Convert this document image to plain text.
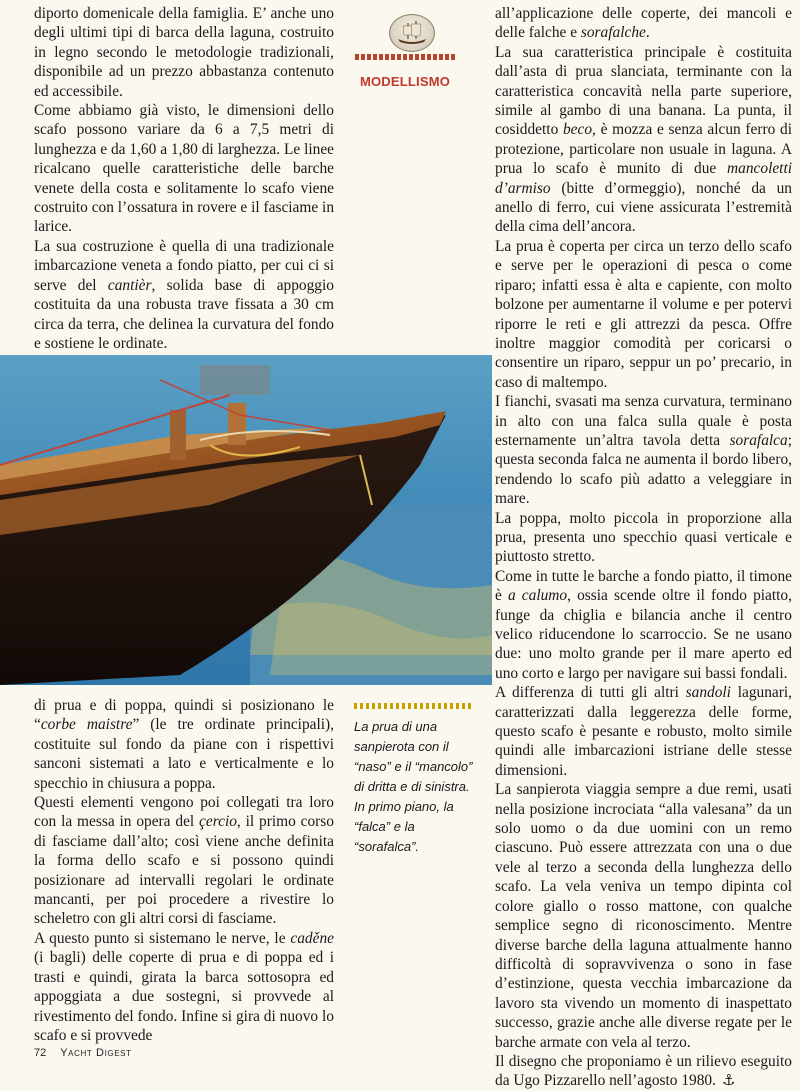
MODELLISMO

diporto domenicale della famiglia. E’ anche uno degli ultimi tipi di barca della laguna, costruito in legno secondo le metodologie tradizionali, disponibile ad un prezzo abbastanza contenuto ed accessibile.

Come abbiamo già visto, le dimensioni dello scafo possono variare da 6 a 7,5 metri di lunghezza e da 1,60 a 1,80 di larghezza. Le linee ricalcano quelle caratteristiche delle barche venete della costa e solitamente lo scafo viene costruito con l’ossatura in rovere e il fasciame in larice.

La sua costruzione è quella di una tradizionale imbarcazione veneta a fondo piatto, per cui ci si serve del cantièr, solida base di appoggio costituita da una robusta trave fissata a 30 cm circa da terra, che delinea la curvatura del fondo e sostiene le ordinate.

La prua di una sanpierota con il “naso” e il “mancolo” di dritta e di sinistra. In primo piano, la “falca” e la “sorafalca”.

di prua e di poppa, quindi si posizionano le “corbe maistre” (le tre ordinate principali), costituite sul fondo da piane con i rispettivi sanconi sistemati a lato e verticalmente e lo specchio in chiusura a poppa.

Questi elementi vengono poi collegati tra loro con la messa in opera del çercio, il primo corso di fasciame dall’alto; così viene anche definita la forma dello scafo e si possono quindi posizionare ad intervalli regolari le ordinate mancanti, per poi procedere a rivestire lo scheletro con gli altri corsi di fasciame.

A questo punto si sistemano le nerve, le caděne (i bagli) delle coperte di prua e di poppa ed i trasti e quindi, girata la barca sottosopra ed appoggiata a due sostegni, si provvede al rivestimento del fondo. Infine si gira di nuovo lo scafo e si provvede

all’applicazione delle coperte, dei mancoli e delle falche e sorafalche.

La sua caratteristica principale è costituita dall’asta di prua slanciata, terminante con la caratteristica concavità nella parte superiore, simile al gambo di una banana. La punta, il cosiddetto beco, è mozza e senza alcun ferro di protezione, particolare non usuale in laguna. A prua lo scafo è munito di due mancoletti d’armiso (bitte d’ormeggio), nonché da un anello di ferro, cui viene assicurata l’estremità della cima dell’ancora.

La prua è coperta per circa un terzo dello scafo e serve per le operazioni di pesca o come riparo; infatti essa è alta e capiente, con molto bolzone per aumentarne il volume e per potervi riporre le reti e gli attrezzi da pesca. Offre inoltre maggior comodità per coricarsi o consentire un riparo, seppur un po’ precario, in caso di maltempo.

I fianchi, svasati ma senza curvatura, terminano in alto con una falca sulla quale è posta esternamente un’altra tavola detta sorafalca; questa seconda falca ne aumenta il bordo libero, rendendo lo scafo più adatto a veleggiare in mare.

La poppa, molto piccola in proporzione alla prua, presenta uno specchio quasi verticale e piuttosto stretto.

Come in tutte le barche a fondo piatto, il timone è a calumo, ossia scende oltre il fondo piatto, funge da chiglia e bilancia anche il centro velico riducendone lo scarroccio. Se ne usano due: uno molto grande per il mare aperto ed uno corto e largo per navigare sui bassi fondali.

A differenza di tutti gli altri sandoli lagunari, caratterizzati dalla leggerezza delle forme, questo scafo è pesante e robusto, molto simile quindi alle imbarcazioni istriane delle stesse dimensioni.

La sanpierota viaggia sempre a due remi, usati nella posizione incrociata “alla valesana” da un solo uomo o da due uomini con un remo ciascuno. Può essere attrezzata con una o due vele al terzo a seconda della lunghezza dello scafo. La vela veniva un tempo dipinta col colore giallo o rosso mattone, con qualche semplice segno di riconoscimento. Mentre diverse barche della laguna attualmente hanno difficoltà di sopravvivenza o sono in fase d’estinzione, questa vecchia imbarcazione da lavoro sta vivendo un momento di inaspettato successo, grazie anche alle diverse regate per le barche armate con vela al terzo.

Il disegno che proponiamo è un rilievo eseguito da Ugo Pizzarello nell’agosto 1980. ⚓

72 Yacht Digest
